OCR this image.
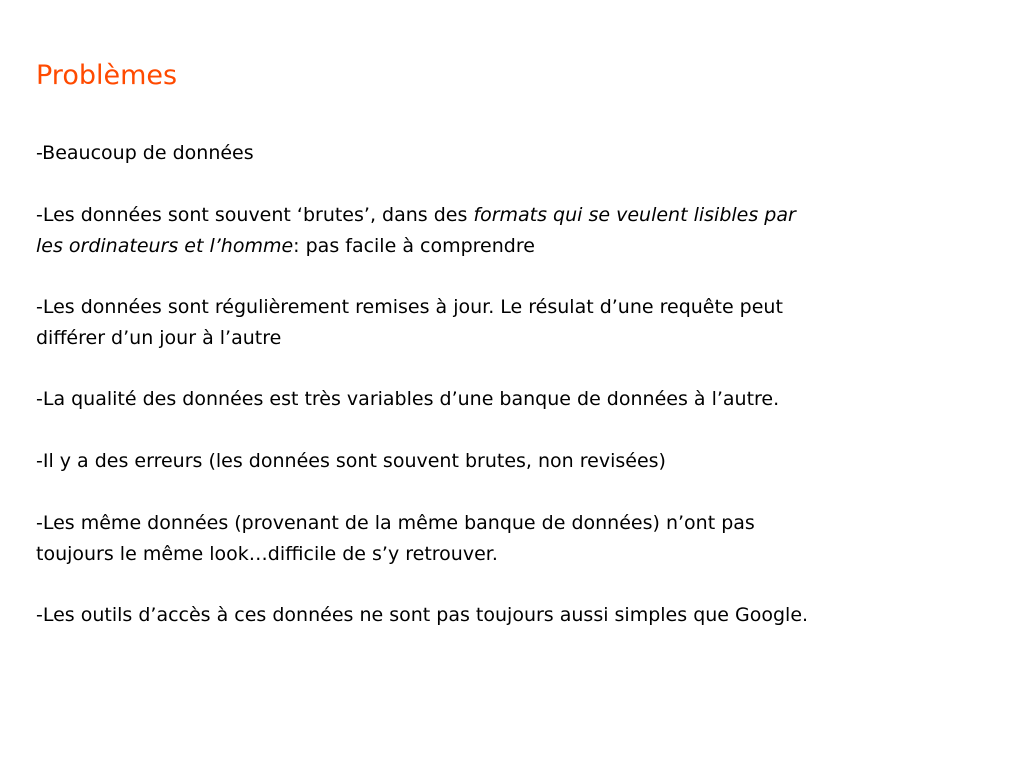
Problèmes
-Beaucoup de données
-Les données sont souvent ‘brutes’, dans des formats qui se veulent lisibles par
les ordinateurs et l’homme: pas facile à comprendre
-Les données sont régulièrement remises à jour. Le résulat d’une requête peut
différer d’un jour à l’autre
-La qualité des données est très variables d’une banque de données à l’autre.
-Il y a des erreurs (les données sont souvent brutes, non revisées)
-Les même données (provenant de la même banque de données) n’ont pas
toujours le même look…difficile de s’y retrouver.
-Les outils d’accès à ces données ne sont pas toujours aussi simples que Google.
